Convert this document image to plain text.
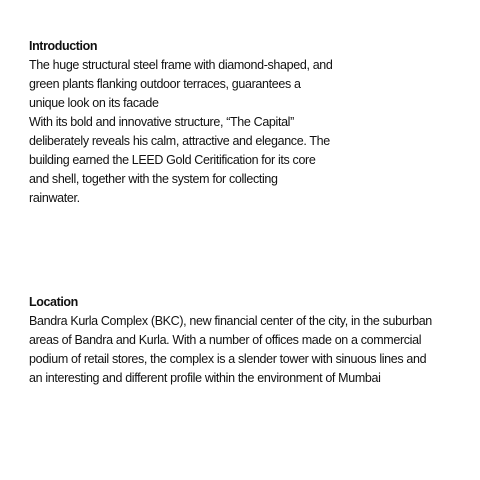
Introduction
The huge structural steel frame with diamond-shaped, and
green plants flanking outdoor terraces, guarantees a
unique look on its facade
With its bold and innovative structure, “The Capital”
deliberately reveals his calm, attractive and elegance. The
building earned the LEED Gold Ceritification for its core
and shell, together with the system for collecting
rainwater.
Location
Bandra Kurla Complex (BKC), new financial center of the city, in the suburban
areas of Bandra and Kurla. With a number of offices made on a commercial
podium of retail stores, the complex is a slender tower with sinuous lines and
an interesting and different profile within the environment of Mumbai
